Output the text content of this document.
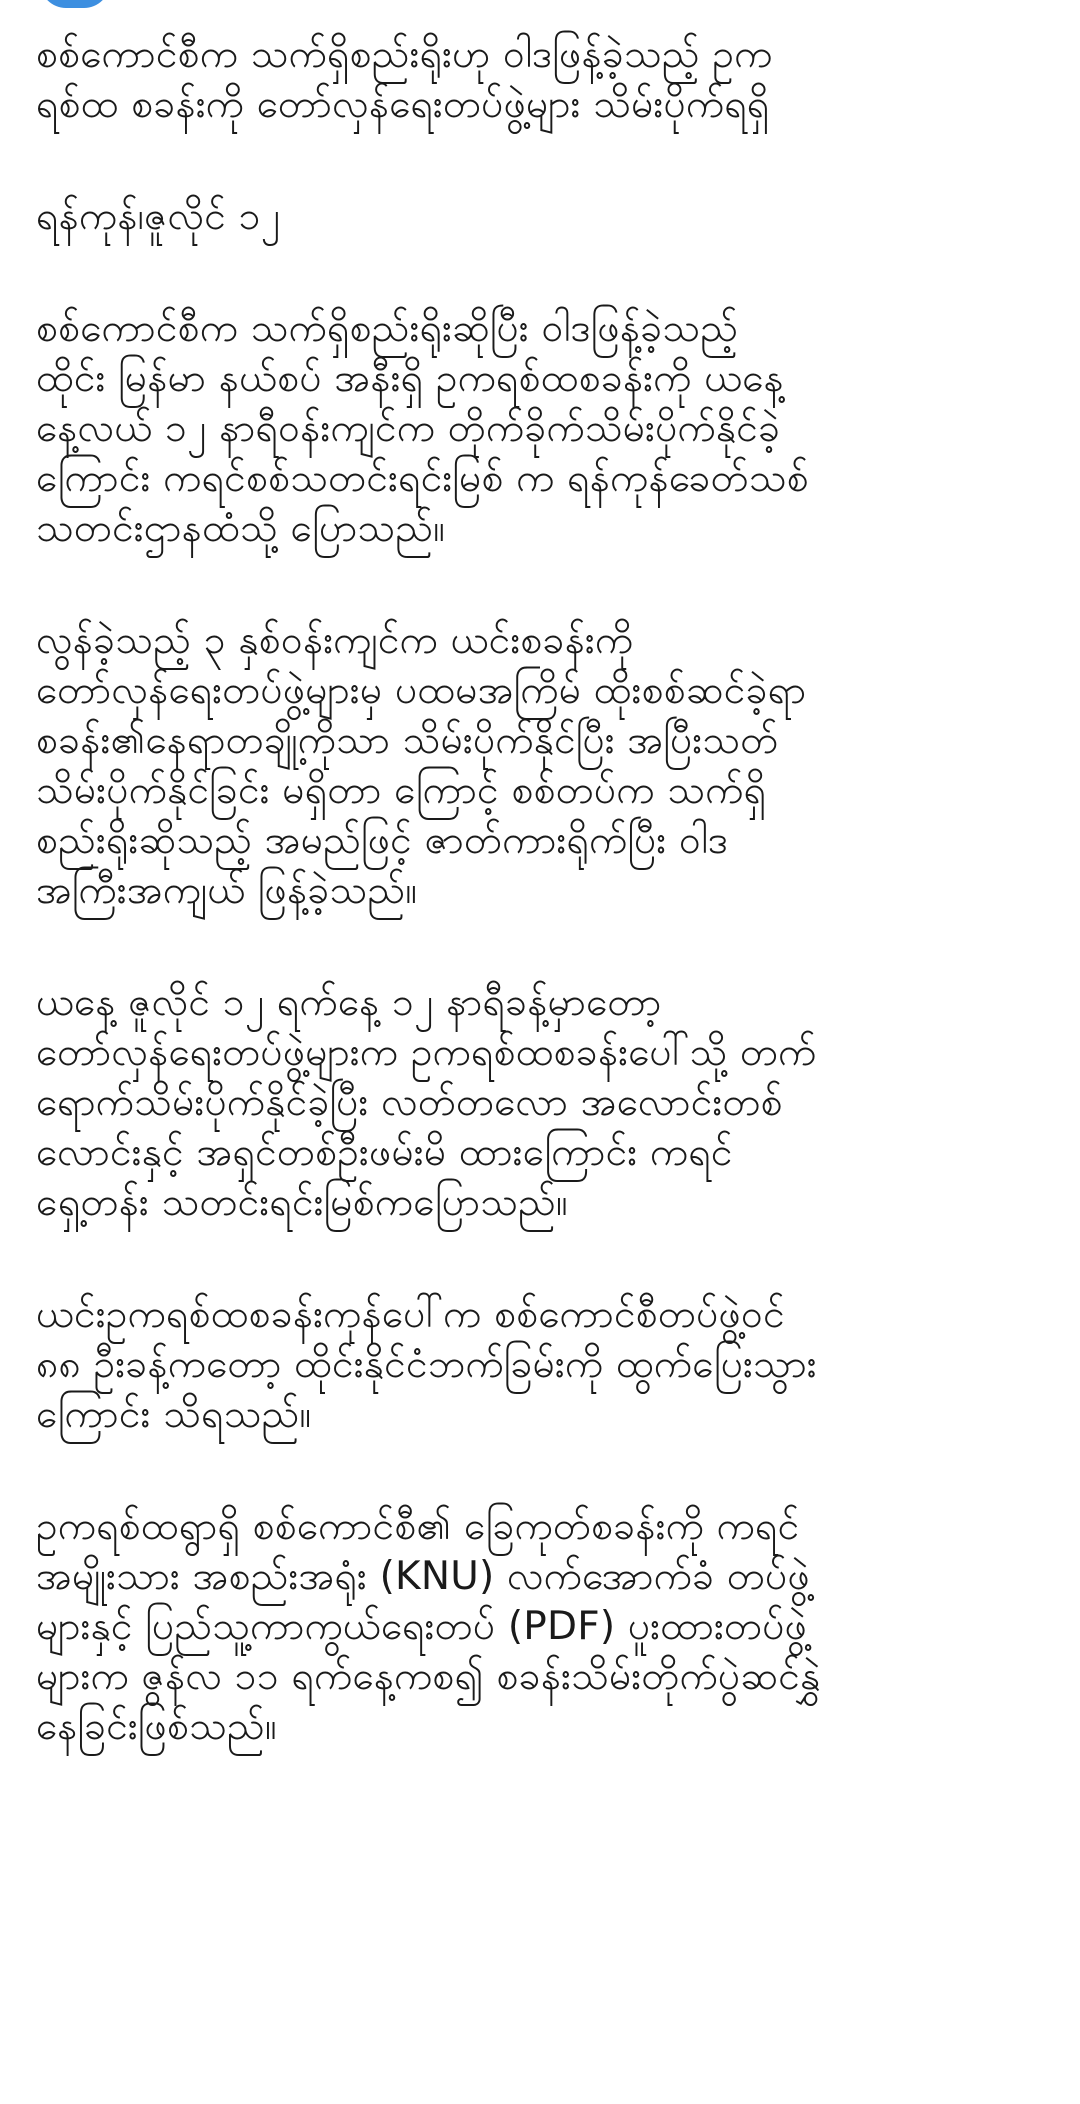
စစ်ကောင်စီက သက်ရှိစည်းရိုးဟု ဝါဒဖြန့်ခဲ့သည့် ဥက
ရစ်ထ စခန်းကို တော်လှန်ရေးတပ်ဖွဲ့များ သိမ်းပိုက်ရရှိ

ရန်ကုန်၊ဇူလိုင် ၁၂

စစ်ကောင်စီက သက်ရှိစည်းရိုးဆိုပြီး ဝါဒဖြန့်ခဲ့သည့်
ထိုင်း မြန်မာ နယ်စပ် အနီးရှိ ဥကရစ်ထစခန်းကို ယနေ့
နေ့လယ် ၁၂ နာရီဝန်းကျင်က တိုက်ခိုက်သိမ်းပိုက်နိုင်ခဲ့
ကြောင်း ကရင်စစ်သတင်းရင်းမြစ် က ရန်ကုန်ခေတ်သစ်
သတင်းဌာနထံသို့ ပြောသည်။

လွန်ခဲ့သည့် ၃ နှစ်ဝန်းကျင်က ယင်းစခန်းကို
တော်လှန်ရေးတပ်ဖွဲ့များမှ ပထမအကြိမ် ထိုးစစ်ဆင်ခဲ့ရာ
စခန်း၏နေရာတချို့ကိုသာ သိမ်းပိုက်နိုင်ပြီး အပြီးသတ်
သိမ်းပိုက်နိုင်ခြင်း မရှိတာ ကြောင့် စစ်တပ်က သက်ရှိ
စည်းရိုးဆိုသည့် အမည်ဖြင့် ဇာတ်ကားရိုက်ပြီး ဝါဒ
အကြီးအကျယ် ဖြန့်ခဲ့သည်။

ယနေ့ ဇူလိုင် ၁၂ ရက်နေ့ ၁၂ နာရီခန့်မှာတော့
တော်လှန်ရေးတပ်ဖွဲ့များက ဥကရစ်ထစခန်းပေါ်သို့ တက်
ရောက်သိမ်းပိုက်နိုင်ခဲ့ပြီး လတ်တလော အလောင်းတစ်
လောင်းနှင့် အရှင်တစ်ဦးဖမ်းမိ ထားကြောင်း ကရင်
ရှေ့တန်း သတင်းရင်းမြစ်ကပြောသည်။

ယင်းဥကရစ်ထစခန်းကုန်ပေါ်က စစ်ကောင်စီတပ်ဖွဲ့ဝင်
၈၈ ဦးခန့်ကတော့ ထိုင်းနိုင်ငံဘက်ခြမ်းကို ထွက်ပြေးသွား
ကြောင်း သိရသည်။

ဥကရစ်ထရွာရှိ စစ်ကောင်စီ၏ ခြေကုတ်စခန်းကို ကရင်
အမျိုးသား အစည်းအရုံး (KNU) လက်အောက်ခံ တပ်ဖွဲ့
များနှင့် ပြည်သူ့ကာကွယ်ရေးတပ် (PDF) ပူးထားတပ်ဖွဲ့
များက ဇွန်လ ၁၁ ရက်နေ့ကစ၍ စခန်းသိမ်းတိုက်ပွဲဆင်နွှဲ
နေခြင်းဖြစ်သည်။
